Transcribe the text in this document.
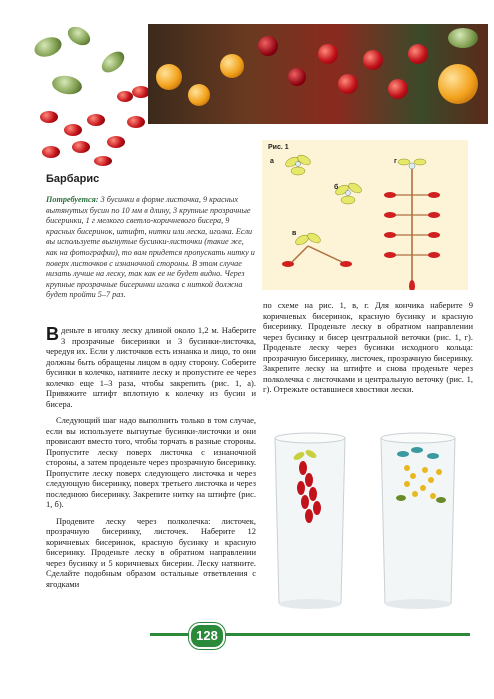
Барбарис
Потребуется: 3 бусинки в форме листочка, 9 красных вытянутых бусин по 10 мм в длину, 3 крупные прозрачные бисеринки, 1 г мелкого светло-коричневого бисера, 9 красных бисеринок, штифт, нитки или леска, иголка. Если вы используете выгнутые бусинки-листочки (такие же, как на фотографии), то вам придется пропускать нитку и поверх листочков с изнаночной стороны. В этом случае низать лучше на леску, так как ее не будет видно. Через крупные прозрачные бисеринки иголка с ниткой должна будет пройти 5–7 раз.

Вденьте в иголку леску длиной около 1,2 м. Наберите 3 прозрачные бисеринки и 3 бусинки-листочка, чередуя их. Если у листочков есть изнанка и лицо, то они должны быть обращены лицом в одну сторону. Соберите бусинки в колечко, натяните леску и пропустите ее через колечко еще 1–3 раза, чтобы закрепить (рис. 1, а). Привяжите штифт вплотную к колечку из бусин и бисера.

Следующий шаг надо выполнить только в том случае, если вы используете выгнутые бусинки-листочки и они провисают вместо того, чтобы торчать в разные стороны. Пропустите леску поверх листочка с изнаночной стороны, а затем проденьте через прозрачную бисеринку. Пропустите леску поверх следующего листочка и через следующую бисеринку, поверх третьего листочка и через последнюю бисеринку. Закрепите нитку на штифте (рис. 1, б).

Продевите леску через полколечка: листочек, прозрачную бисеринку, листочек. Наберите 12 коричневых бисеринок, красную бусинку и красную бисеринку. Проденьте леску в обратном направлении через бусинку и 5 коричневых бисерин. Леску натяните. Сделайте подобным образом остальные ответвления с ягодками

Рис. 1
а
б
в
г

по схеме на рис. 1, в, г. Для кончика наберите 9 коричневых бисеринок, красную бусинку и красную бисеринку. Проденьте леску в обратном направлении через бусинку и бисер центральной веточки (рис. 1, г). Проденьте леску через бусинки исходного кольца: прозрачную бисеринку, листочек, прозрачную бисеринку. Закрепите леску на штифте и снова проденьте через полколечка с листочками и центральную веточку (рис. 1, г). Отрежьте оставшиеся хвостики лески.

128
